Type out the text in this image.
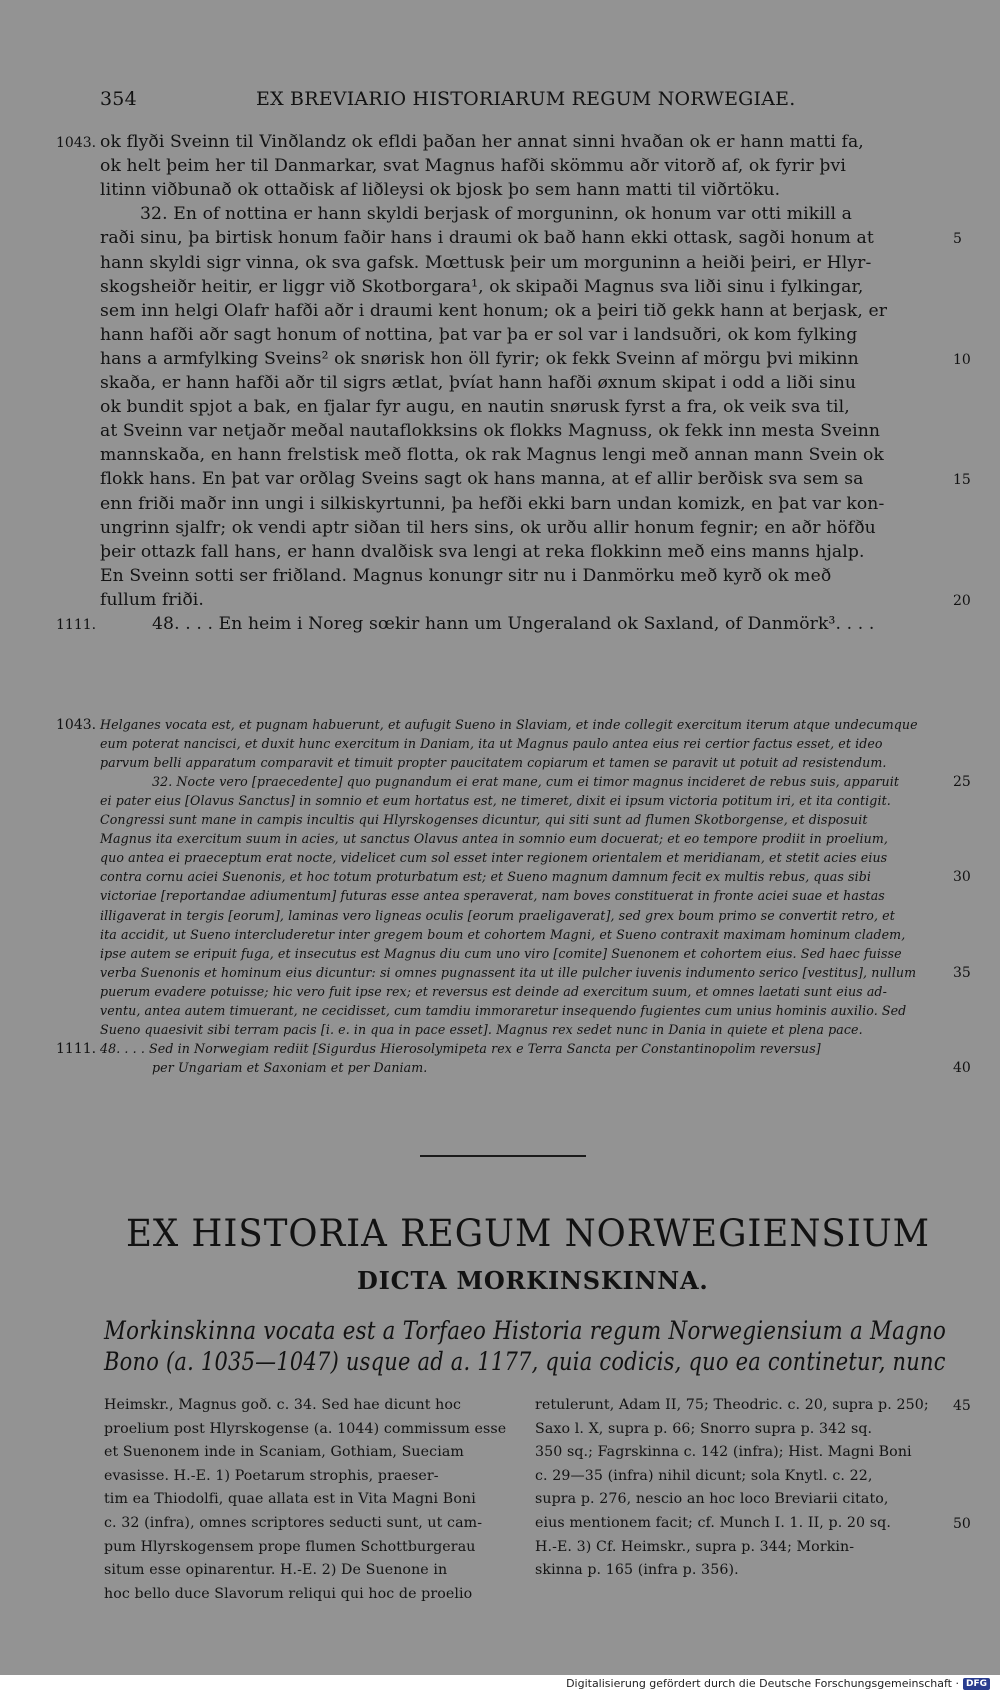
354	EX BREVIARIO HISTORIARUM REGUM NORWEGIAE.
ok flyði Sveinn til Vinðlandz ok efldi þaðan her annat sinni hvaðan ok er hann matti fa,
1043.
ok helt þeim her til Danmarkar, svat Magnus hafði skömmu aðr vitorð af, ok fyrir þvi
litinn viðbunað ok ottaðisk af liðleysi ok bjosk þo sem hann matti til viðrtöku.
32. En of nottina er hann skyldi berjask of morguninn, ok honum var otti mikill a
raði sinu, þa birtisk honum faðir hans i draumi ok bað hann ekki ottask, sagði honum at	5
hann skyldi sigr vinna, ok sva gafsk. Mœttusk þeir um morguninn a heiði þeiri, er Hlyr-
skogsheiðr heitir, er liggr við Skotborgara¹, ok skipaði Magnus sva liði sinu i fylkingar,
sem inn helgi Olafr hafði aðr i draumi kent honum; ok a þeiri tið gekk hann at berjask, er
hann hafði aðr sagt honum of nottina, þat var þa er sol var i landsuðri, ok kom fylking
hans a armfylking Sveins² ok snørisk hon öll fyrir; ok fekk Sveinn af mörgu þvi mikinn	10
skaða, er hann hafði aðr til sigrs ætlat, þvíat hann hafði øxnum skipat i odd a liði sinu
ok bundit spjot a bak, en fjalar fyr augu, en nautin snørusk fyrst a fra, ok veik sva til,
at Sveinn var netjaðr meðal nautaflokksins ok flokks Magnuss, ok fekk inn mesta Sveinn
mannskaða, en hann frelstisk með flotta, ok rak Magnus lengi með annan mann Svein ok
flokk hans. En þat var orðlag Sveins sagt ok hans manna, at ef allir berðisk sva sem sa	15
enn friði maðr inn ungi i silkiskyrtunni, þa hefði ekki barn undan komizk, en þat var kon-
ungrinn sjalfr; ok vendi aptr siðan til hers sins, ok urðu allir honum fegnir; en aðr höfðu
þeir ottazk fall hans, er hann dvalðisk sva lengi at reka flokkinn með eins manns hjalp.
En Sveinn sotti ser friðland. Magnus konungr sitr nu i Danmörku með kyrð ok með
fullum friði.	20
48. . . . En heim i Noreg sœkir hann um Ungeraland ok Saxland, of Danmörk³. . . .
1111.
Helganes vocata est, et pugnam habuerunt, et aufugit Sueno in Slaviam, et inde collegit exercitum iterum atque undecumque
1043.
eum poterat nancisci, et duxit hunc exercitum in Daniam, ita ut Magnus paulo antea eius rei certior factus esset, et ideo
parvum belli apparatum comparavit et timuit propter paucitatem copiarum et tamen se paravit ut potuit ad resistendum.
32. Nocte vero [praecedente] quo pugnandum ei erat mane, cum ei timor magnus incideret de rebus suis, apparuit	25
ei pater eius [Olavus Sanctus] in somnio et eum hortatus est, ne timeret, dixit ei ipsum victoria potitum iri, et ita contigit.
Congressi sunt mane in campis incultis qui Hlyrskogenses dicuntur, qui siti sunt ad flumen Skotborgense, et disposuit
Magnus ita exercitum suum in acies, ut sanctus Olavus antea in somnio eum docuerat; et eo tempore prodiit in proelium,
quo antea ei praeceptum erat nocte, videlicet cum sol esset inter regionem orientalem et meridianam, et stetit acies eius
contra cornu aciei Suenonis, et hoc totum proturbatum est; et Sueno magnum damnum fecit ex multis rebus, quas sibi	30
victoriae [reportandae adiumentum] futuras esse antea speraverat, nam boves constituerat in fronte aciei suae et hastas
illigaverat in tergis [eorum], laminas vero ligneas oculis [eorum praeligaverat], sed grex boum primo se convertit retro, et
ita accidit, ut Sueno intercluderetur inter gregem boum et cohortem Magni, et Sueno contraxit maximam hominum cladem,
ipse autem se eripuit fuga, et insecutus est Magnus diu cum uno viro [comite] Suenonem et cohortem eius. Sed haec fuisse
verba Suenonis et hominum eius dicuntur: si omnes pugnassent ita ut ille pulcher iuvenis indumento serico [vestitus], nullum	35
puerum evadere potuisse; hic vero fuit ipse rex; et reversus est deinde ad exercitum suum, et omnes laetati sunt eius ad-
ventu, antea autem timuerant, ne cecidisset, cum tamdiu immoraretur insequendo fugientes cum unius hominis auxilio. Sed
Sueno quaesivit sibi terram pacis [i. e. in qua in pace esset]. Magnus rex sedet nunc in Dania in quiete et plena pace.
48. . . . Sed in Norwegiam rediit [Sigurdus Hierosolymipeta rex e Terra Sancta per Constantinopolim reversus]
1111.
per Ungariam et Saxoniam et per Daniam.	40
EX HISTORIA REGUM NORWEGIENSIUM
DICTA MORKINSKINNA.
Morkinskinna vocata est a Torfaeo Historia regum Norwegiensium a Magno
Bono (a. 1035—1047) usque ad a. 1177, quia codicis, quo ea continetur, nunc
Heimskr., Magnus goð. c. 34. Sed hae dicunt hoc
proelium post Hlyrskogense (a. 1044) commissum esse
et Suenonem inde in Scaniam, Gothiam, Sueciam
evasisse. H.-E. 1) Poetarum strophis, praeser-
tim ea Thiodolfi, quae allata est in Vita Magni Boni
c. 32 (infra), omnes scriptores seducti sunt, ut cam-
pum Hlyrskogensem prope flumen Schottburgerau
situm esse opinarentur. H.-E. 2) De Suenone in
hoc bello duce Slavorum reliqui qui hoc de proelio
retulerunt, Adam II, 75; Theodric. c. 20, supra p. 250; 45
Saxo l. X, supra p. 66; Snorro supra p. 342 sq.
350 sq.; Fagrskinna c. 142 (infra); Hist. Magni Boni
c. 29—35 (infra) nihil dicunt; sola Knytl. c. 22,
supra p. 276, nescio an hoc loco Breviarii citato,
eius mentionem facit; cf. Munch I. 1. II, p. 20 sq.	50
H.-E. 3) Cf. Heimskr., supra p. 344; Morkin-
skinna p. 165 (infra p. 356).
Digitalisierung gefördert durch die Deutsche Forschungsgemeinschaft · DFG
